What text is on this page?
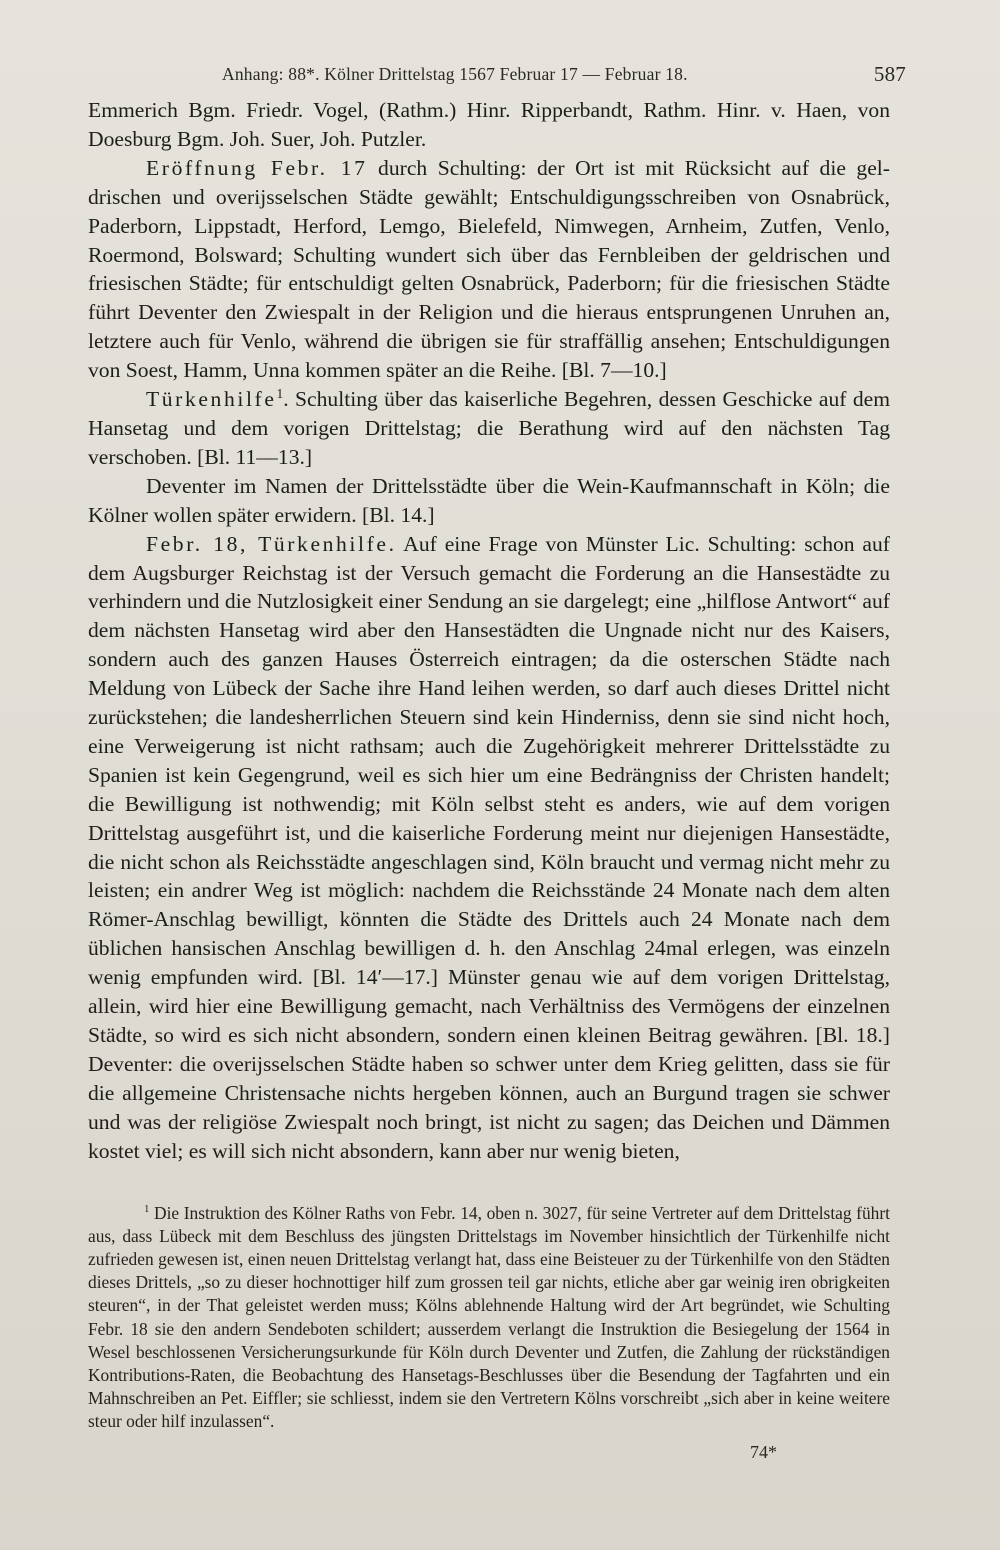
Anhang: 88*. Kölner Drittelstag 1567 Februar 17 — Februar 18.	587

Emmerich Bgm. Friedr. Vogel, (Rathm.) Hinr. Ripperbandt, Rathm. Hinr. v. Haen, von Doesburg Bgm. Joh. Suer, Joh. Putzler.

Eröffnung Febr. 17 durch Schulting: der Ort ist mit Rücksicht auf die geldrischen und overijsselschen Städte gewählt; Entschuldigungsschreiben von Osnabrück, Paderborn, Lippstadt, Herford, Lemgo, Bielefeld, Nimwegen, Arnheim, Zutfen, Venlo, Roermond, Bolsward; Schulting wundert sich über das Fernbleiben der geldrischen und friesischen Städte; für entschuldigt gelten Osnabrück, Paderborn; für die friesischen Städte führt Deventer den Zwiespalt in der Religion und die hieraus entsprungenen Unruhen an, letztere auch für Venlo, während die übrigen sie für straffällig ansehen; Entschuldigungen von Soest, Hamm, Unna kommen später an die Reihe. [Bl. 7—10.]

Türkenhilfe$^1$. Schulting über das kaiserliche Begehren, dessen Geschicke auf dem Hansetag und dem vorigen Drittelstag; die Berathung wird auf den nächsten Tag verschoben. [Bl. 11—13.]

Deventer im Namen der Drittelsstädte über die Wein-Kaufmannschaft in Köln; die Kölner wollen später erwidern. [Bl. 14.]

Febr. 18, Türkenhilfe. Auf eine Frage von Münster Lic. Schulting: schon auf dem Augsburger Reichstag ist der Versuch gemacht die Forderung an die Hansestädte zu verhindern und die Nutzlosigkeit einer Sendung an sie dargelegt; eine „hilflose Antwort“ auf dem nächsten Hansetag wird aber den Hansestädten die Ungnade nicht nur des Kaisers, sondern auch des ganzen Hauses Österreich eintragen; da die osterschen Städte nach Meldung von Lübeck der Sache ihre Hand leihen werden, so darf auch dieses Drittel nicht zurückstehen; die landesherrlichen Steuern sind kein Hinderniss, denn sie sind nicht hoch, eine Verweigerung ist nicht rathsam; auch die Zugehörigkeit mehrerer Drittelsstädte zu Spanien ist kein Gegengrund, weil es sich hier um eine Bedrängniss der Christen handelt; die Bewilligung ist nothwendig; mit Köln selbst steht es anders, wie auf dem vorigen Drittelstag ausgeführt ist, und die kaiserliche Forderung meint nur diejenigen Hansestädte, die nicht schon als Reichsstädte angeschlagen sind, Köln braucht und vermag nicht mehr zu leisten; ein andrer Weg ist möglich: nachdem die Reichsstände 24 Monate nach dem alten Römer-Anschlag bewilligt, könnten die Städte des Drittels auch 24 Monate nach dem üblichen hansischen Anschlag bewilligen d. h. den Anschlag 24mal erlegen, was einzeln wenig empfunden wird. [Bl. 14′—17.] Münster genau wie auf dem vorigen Drittelstag, allein, wird hier eine Bewilligung gemacht, nach Verhältniss des Vermögens der einzelnen Städte, so wird es sich nicht absondern, sondern einen kleinen Beitrag gewähren. [Bl. 18.] Deventer: die overijsselschen Städte haben so schwer unter dem Krieg gelitten, dass sie für die allgemeine Christensache nichts hergeben können, auch an Burgund tragen sie schwer und was der religiöse Zwiespalt noch bringt, ist nicht zu sagen; das Deichen und Dämmen kostet viel; es will sich nicht absondern, kann aber nur wenig bieten,

$^1$ Die Instruktion des Kölner Raths von Febr. 14, oben n. 3027, für seine Vertreter auf dem Drittelstag führt aus, dass Lübeck mit dem Beschluss des jüngsten Drittelstags im November hinsichtlich der Türkenhilfe nicht zufrieden gewesen ist, einen neuen Drittelstag verlangt hat, dass eine Beisteuer zu der Türkenhilfe von den Städten dieses Drittels, „so zu dieser hochnottiger hilf zum grossen teil gar nichts, etliche aber gar weinig iren obrigkeiten steuren“, in der That geleistet werden muss; Kölns ablehnende Haltung wird der Art begründet, wie Schulting Febr. 18 sie den andern Sendeboten schildert; ausserdem verlangt die Instruktion die Besiegelung der 1564 in Wesel beschlossenen Versicherungsurkunde für Köln durch Deventer und Zutfen, die Zahlung der rückständigen Kontributions-Raten, die Beobachtung des Hansetags-Beschlusses über die Besendung der Tagfahrten und ein Mahnschreiben an Pet. Eiffler; sie schliesst, indem sie den Vertretern Kölns vorschreibt „sich aber in keine weitere steur oder hilf inzulassen“.

74*
